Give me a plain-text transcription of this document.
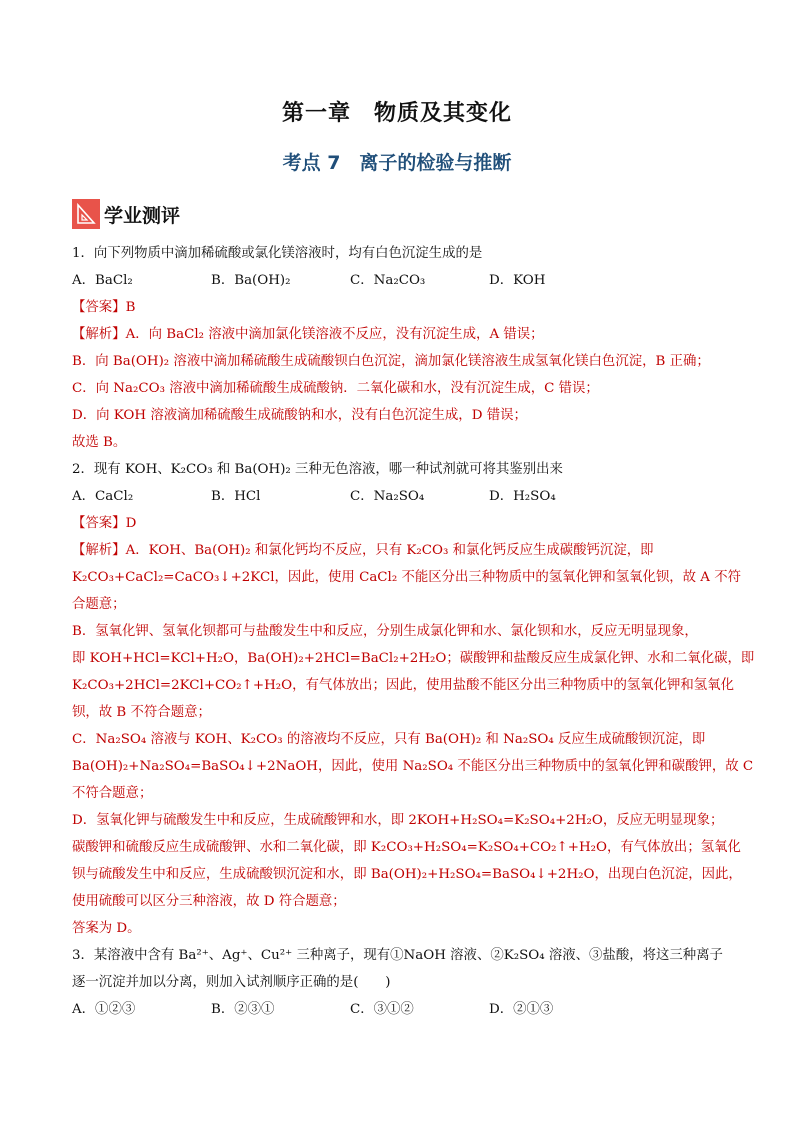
第一章　物质及其变化
考点 7　离子的检验与推断
学业测评
1．向下列物质中滴加稀硫酸或氯化镁溶液时，均有白色沉淀生成的是
A．BaCl₂	B．Ba(OH)₂	C．Na₂CO₃	D．KOH
【答案】B
【解析】A．向 BaCl₂ 溶液中滴加氯化镁溶液不反应，没有沉淀生成，A 错误；
B．向 Ba(OH)₂ 溶液中滴加稀硫酸生成硫酸钡白色沉淀，滴加氯化镁溶液生成氢氧化镁白色沉淀，B 正确；
C．向 Na₂CO₃ 溶液中滴加稀硫酸生成硫酸钠．二氧化碳和水，没有沉淀生成，C 错误；
D．向 KOH 溶液滴加稀硫酸生成硫酸钠和水，没有白色沉淀生成，D 错误；
故选 B。
2．现有 KOH、K₂CO₃ 和 Ba(OH)₂ 三种无色溶液，哪一种试剂就可将其鉴别出来
A．CaCl₂	B．HCl	C．Na₂SO₄	D．H₂SO₄
【答案】D
【解析】A．KOH、Ba(OH)₂ 和氯化钙均不反应，只有 K₂CO₃ 和氯化钙反应生成碳酸钙沉淀，即
K₂CO₃+CaCl₂=CaCO₃↓+2KCl，因此，使用 CaCl₂ 不能区分出三种物质中的氢氧化钾和氢氧化钡，故 A 不符
合题意；
B．氢氧化钾、氢氧化钡都可与盐酸发生中和反应，分别生成氯化钾和水、氯化钡和水，反应无明显现象，
即 KOH+HCl=KCl+H₂O，Ba(OH)₂+2HCl=BaCl₂+2H₂O；碳酸钾和盐酸反应生成氯化钾、水和二氧化碳，即
K₂CO₃+2HCl=2KCl+CO₂↑+H₂O，有气体放出；因此，使用盐酸不能区分出三种物质中的氢氧化钾和氢氧化
钡，故 B 不符合题意；
C．Na₂SO₄ 溶液与 KOH、K₂CO₃ 的溶液均不反应，只有 Ba(OH)₂ 和 Na₂SO₄ 反应生成硫酸钡沉淀，即
Ba(OH)₂+Na₂SO₄=BaSO₄↓+2NaOH，因此，使用 Na₂SO₄ 不能区分出三种物质中的氢氧化钾和碳酸钾，故 C
不符合题意；
D．氢氧化钾与硫酸发生中和反应，生成硫酸钾和水，即 2KOH+H₂SO₄=K₂SO₄+2H₂O，反应无明显现象；
碳酸钾和硫酸反应生成硫酸钾、水和二氧化碳，即 K₂CO₃+H₂SO₄=K₂SO₄+CO₂↑+H₂O，有气体放出；氢氧化
钡与硫酸发生中和反应，生成硫酸钡沉淀和水，即 Ba(OH)₂+H₂SO₄=BaSO₄↓+2H₂O，出现白色沉淀，因此，
使用硫酸可以区分三种溶液，故 D 符合题意；
答案为 D。
3．某溶液中含有 Ba²⁺、Ag⁺、Cu²⁺ 三种离子，现有①NaOH 溶液、②K₂SO₄ 溶液、③盐酸，将这三种离子
逐一沉淀并加以分离，则加入试剂顺序正确的是(　　)
A．①②③	B．②③①	C．③①②	D．②①③
